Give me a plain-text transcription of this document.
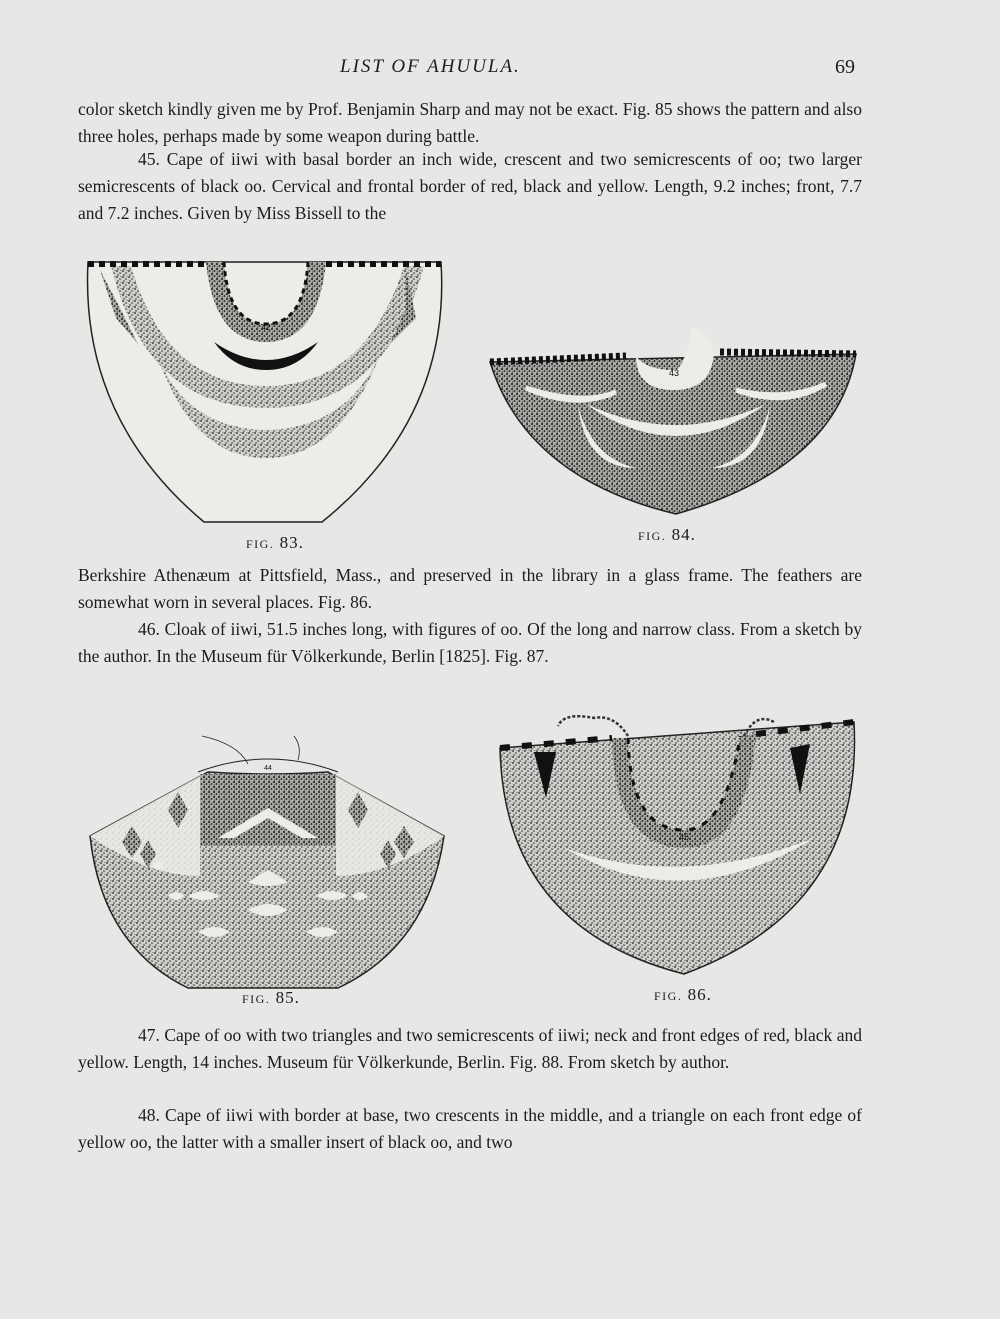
LIST OF AHUULA.	69

color sketch kindly given me by Prof. Benjamin Sharp and may not be exact. Fig. 85 shows the pattern and also three holes, perhaps made by some weapon during battle.

45. Cape of iiwi with basal border an inch wide, crescent and two semicrescents of oo; two larger semicrescents of black oo. Cervical and frontal border of red, black and yellow. Length, 9.2 inches; front, 7.7 and 7.2 inches. Given by Miss Bissell to the

42
FIG. 83.
43
FIG. 84.

Berkshire Athenæum at Pittsfield, Mass., and preserved in the library in a glass frame. The feathers are somewhat worn in several places. Fig. 86.

46. Cloak of iiwi, 51.5 inches long, with figures of oo. Of the long and narrow class. From a sketch by the author. In the Museum für Völkerkunde, Berlin [1825]. Fig. 87.

44
FIG. 85.
45
FIG. 86.

47. Cape of oo with two triangles and two semicrescents of iiwi; neck and front edges of red, black and yellow. Length, 14 inches. Museum für Völkerkunde, Berlin. Fig. 88. From sketch by author.

48. Cape of iiwi with border at base, two crescents in the middle, and a triangle on each front edge of yellow oo, the latter with a smaller insert of black oo, and two
